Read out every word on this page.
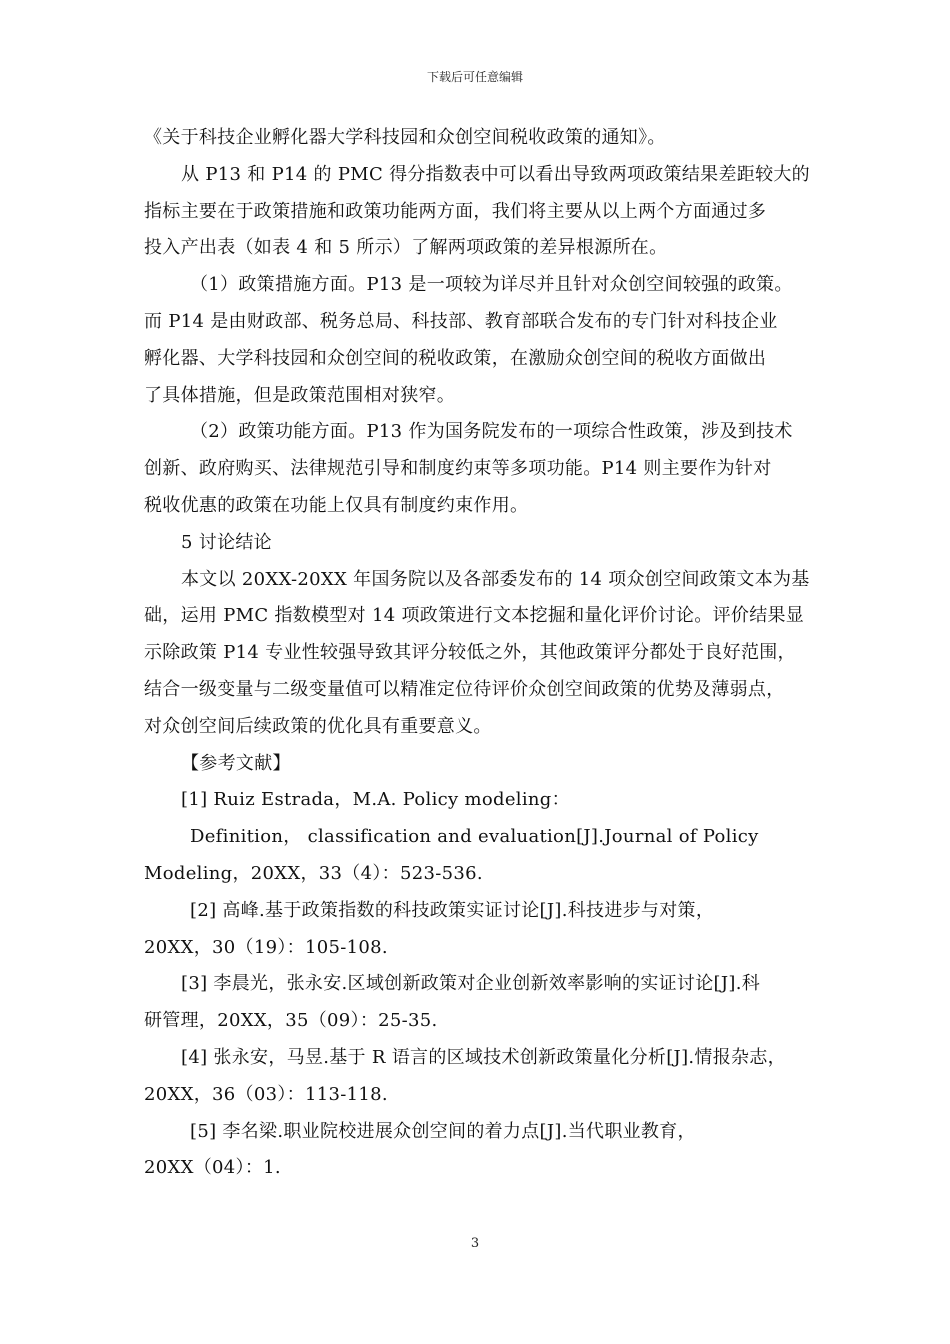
下载后可任意编辑
《关于科技企业孵化器大学科技园和众创空间税收政策的通知》。
从 P13 和 P14 的 PMC 得分指数表中可以看出导致两项政策结果差距较大的
指标主要在于政策措施和政策功能两方面，我们将主要从以上两个方面通过多
投入产出表（如表 4 和 5 所示）了解两项政策的差异根源所在。
（1）政策措施方面。P13 是一项较为详尽并且针对众创空间较强的政策。
而 P14 是由财政部、税务总局、科技部、教育部联合发布的专门针对科技企业
孵化器、大学科技园和众创空间的税收政策，在激励众创空间的税收方面做出
了具体措施，但是政策范围相对狭窄。
（2）政策功能方面。P13 作为国务院发布的一项综合性政策，涉及到技术
创新、政府购买、法律规范引导和制度约束等多项功能。P14 则主要作为针对
税收优惠的政策在功能上仅具有制度约束作用。
5 讨论结论
本文以 20XX-20XX 年国务院以及各部委发布的 14 项众创空间政策文本为基
础，运用 PMC 指数模型对 14 项政策进行文本挖掘和量化评价讨论。评价结果显
示除政策 P14 专业性较强导致其评分较低之外，其他政策评分都处于良好范围，
结合一级变量与二级变量值可以精准定位待评价众创空间政策的优势及薄弱点，
对众创空间后续政策的优化具有重要意义。
【参考文献】
[1] Ruiz Estrada，M.A. Policy modeling：
Definition， classification and evaluation[J].Journal of Policy
Modeling，20XX，33（4）：523-536.
[2] 高峰.基于政策指数的科技政策实证讨论[J].科技进步与对策，
20XX，30（19）：105-108.
[3] 李晨光，张永安.区域创新政策对企业创新效率影响的实证讨论[J].科
研管理，20XX，35（09）：25-35.
[4] 张永安，马昱.基于 R 语言的区域技术创新政策量化分析[J].情报杂志，
20XX，36（03）：113-118.
[5] 李名梁.职业院校进展众创空间的着力点[J].当代职业教育，
20XX（04）：1.
3
